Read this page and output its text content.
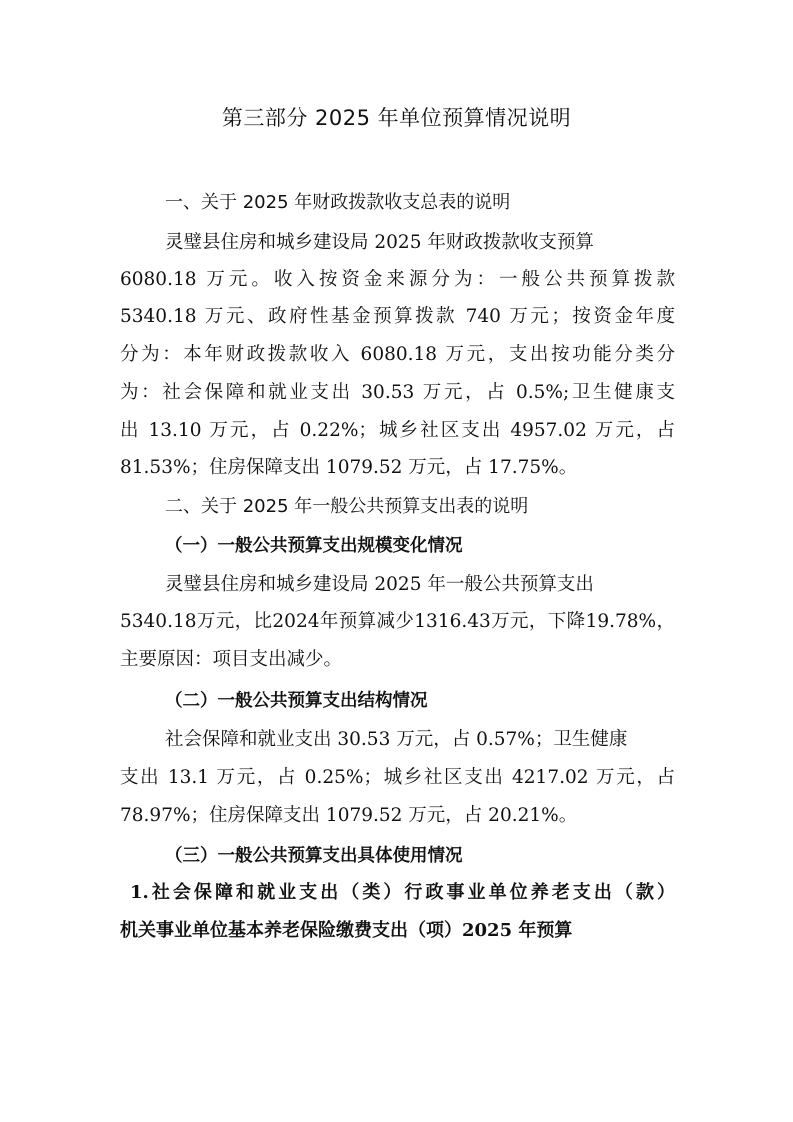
第三部分 2025 年单位预算情况说明
一、关于 2025 年财政拨款收支总表的说明
灵璧县住房和城乡建设局 2025 年财政拨款收支预算
6080.18 万元。收入按资金来源分为：一般公共预算拨款
5340.18 万元、政府性基金预算拨款 740 万元；按资金年度
分为：本年财政拨款收入 6080.18 万元，支出按功能分类分
为：社会保障和就业支出 30.53 万元，占 0.5%;卫生健康支
出 13.10 万元，占 0.22%；城乡社区支出 4957.02 万元，占
81.53%；住房保障支出 1079.52 万元，占 17.75%。
二、关于 2025 年一般公共预算支出表的说明
（一）一般公共预算支出规模变化情况
灵璧县住房和城乡建设局 2025 年一般公共预算支出
5340.18万元，比2024年预算减少1316.43万元，下降19.78%，
主要原因：项目支出减少。
（二）一般公共预算支出结构情况
社会保障和就业支出 30.53 万元，占 0.57%；卫生健康
支出 13.1 万元，占 0.25%；城乡社区支出 4217.02 万元，占
78.97%；住房保障支出 1079.52 万元，占 20.21%。
（三）一般公共预算支出具体使用情况
1.社会保障和就业支出（类）行政事业单位养老支出（款）
机关事业单位基本养老保险缴费支出（项）2025 年预算
